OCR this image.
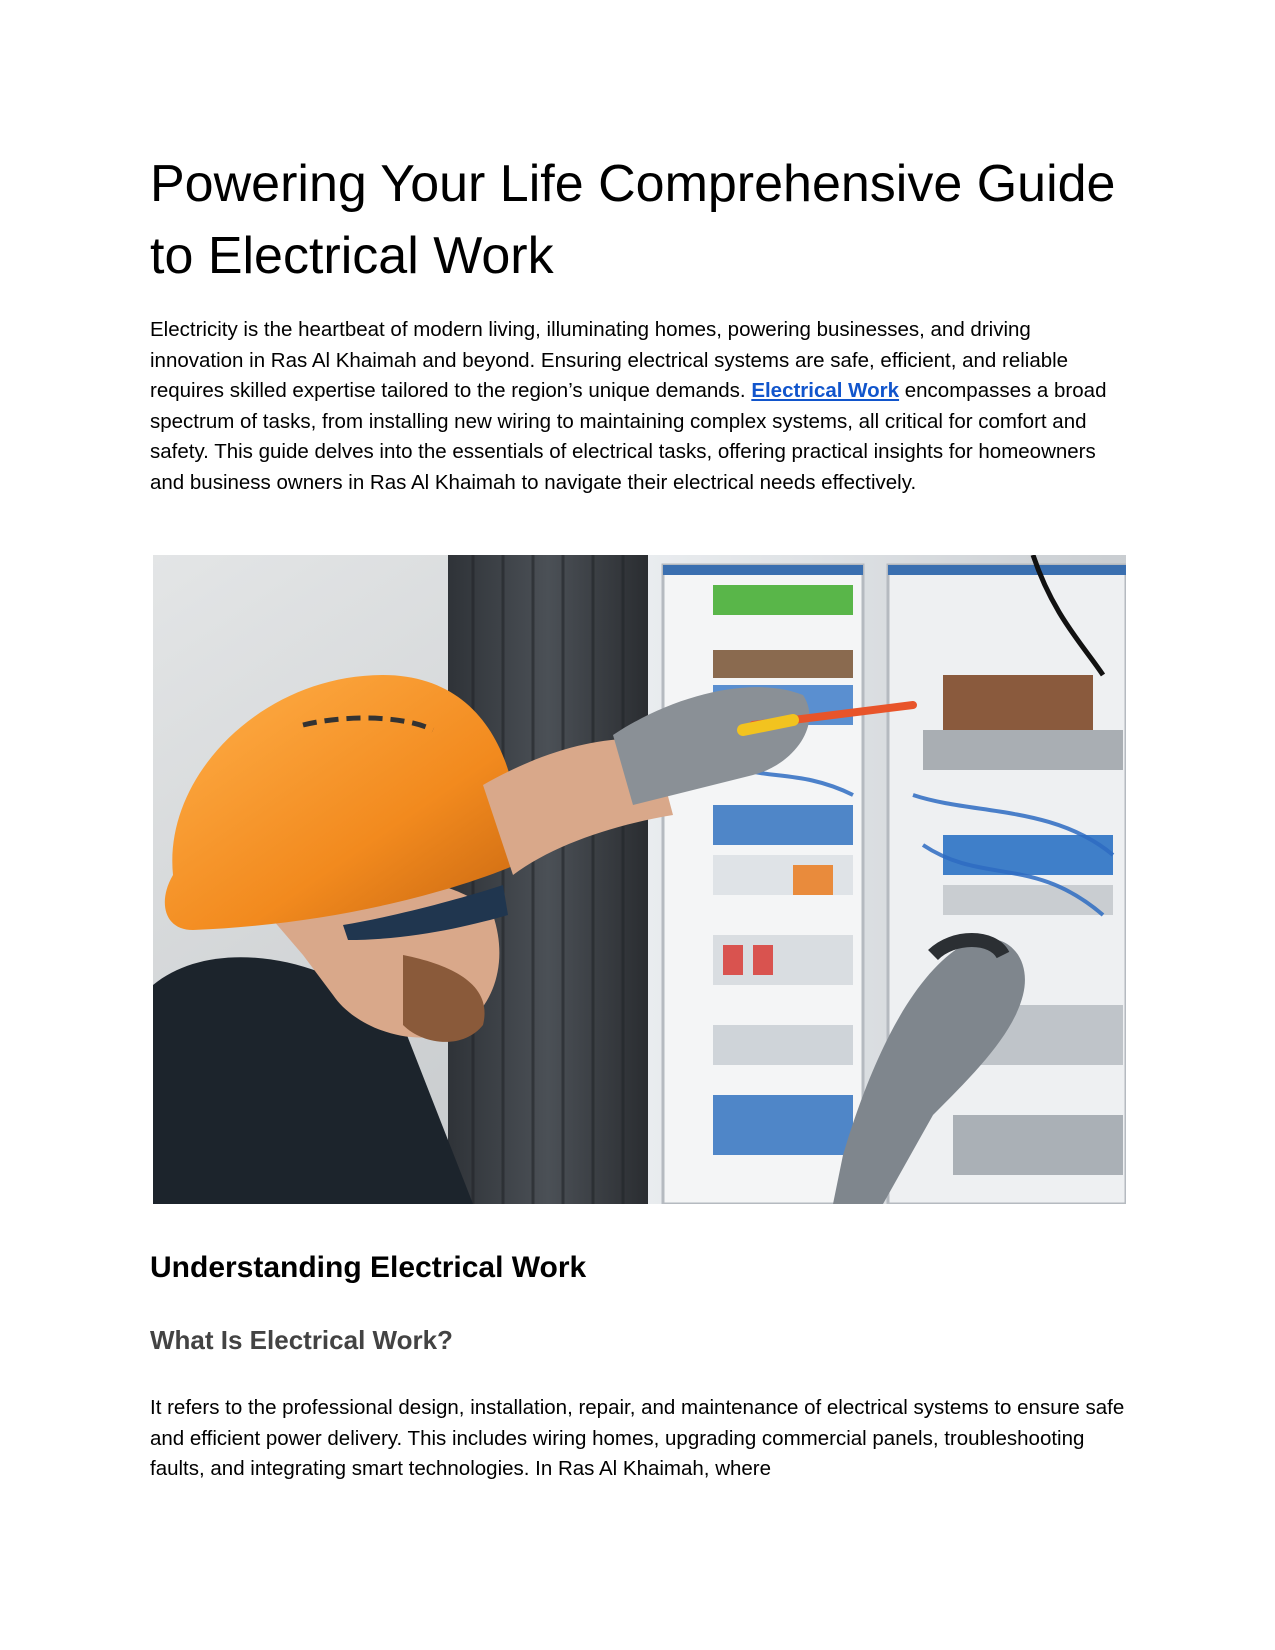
Powering Your Life Comprehensive Guide to Electrical Work

Electricity is the heartbeat of modern living, illuminating homes, powering businesses, and driving innovation in Ras Al Khaimah and beyond. Ensuring electrical systems are safe, efficient, and reliable requires skilled expertise tailored to the region’s unique demands. Electrical Work encompasses a broad spectrum of tasks, from installing new wiring to maintaining complex systems, all critical for comfort and safety. This guide delves into the essentials of electrical tasks, offering practical insights for homeowners and business owners in Ras Al Khaimah to navigate their electrical needs effectively.

Understanding Electrical Work
What Is Electrical Work?

It refers to the professional design, installation, repair, and maintenance of electrical systems to ensure safe and efficient power delivery. This includes wiring homes, upgrading commercial panels, troubleshooting faults, and integrating smart technologies. In Ras Al Khaimah, where
